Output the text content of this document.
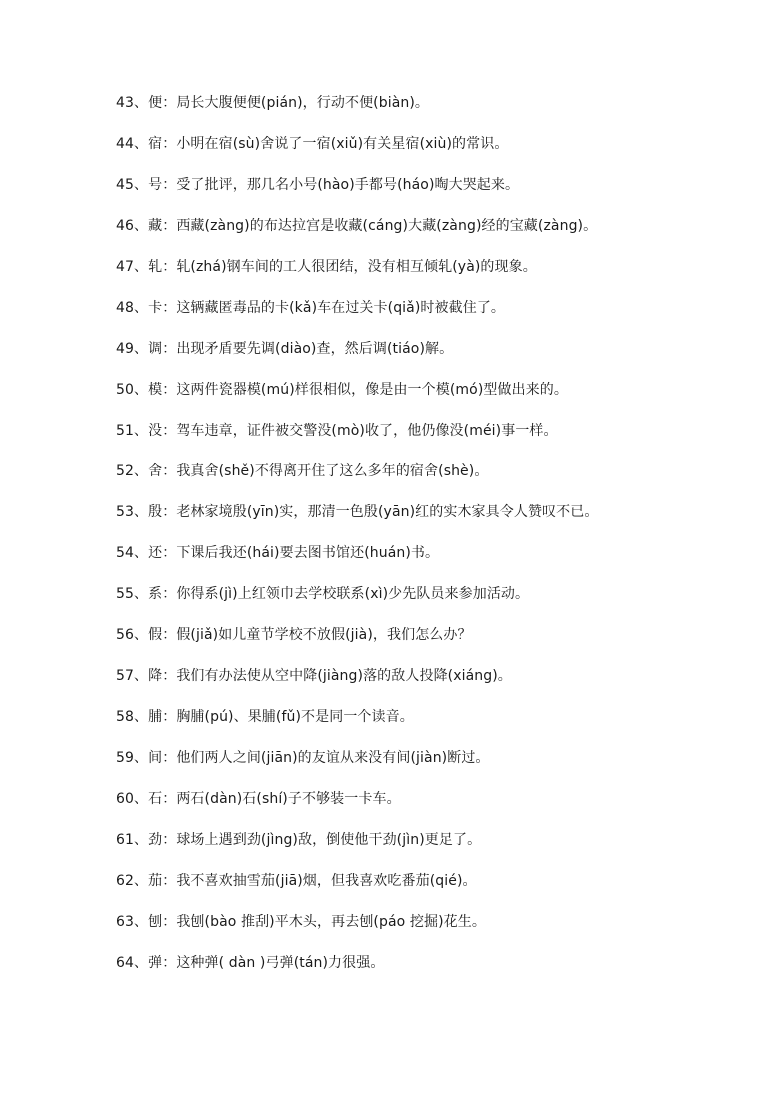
43、便：局长大腹便便(pián)，行动不便(biàn)。
44、宿：小明在宿(sù)舍说了一宿(xiǔ)有关星宿(xiù)的常识。
45、号：受了批评，那几名小号(hào)手都号(háo)啕大哭起来。
46、藏：西藏(zàng)的布达拉宫是收藏(cáng)大藏(zàng)经的宝藏(zàng)。
47、轧：轧(zhá)钢车间的工人很团结，没有相互倾轧(yà)的现象。
48、卡：这辆藏匿毒品的卡(kǎ)车在过关卡(qiǎ)时被截住了。
49、调：出现矛盾要先调(diào)查，然后调(tiáo)解。
50、模：这两件瓷器模(mú)样很相似，像是由一个模(mó)型做出来的。
51、没：驾车违章，证件被交警没(mò)收了，他仍像没(méi)事一样。
52、舍：我真舍(shě)不得离开住了这么多年的宿舍(shè)。
53、殷：老林家境殷(yīn)实，那清一色殷(yān)红的实木家具令人赞叹不已。
54、还：下课后我还(hái)要去图书馆还(huán)书。
55、系：你得系(jì)上红领巾去学校联系(xì)少先队员来参加活动。
56、假：假(jiǎ)如儿童节学校不放假(jià)，我们怎么办？
57、降：我们有办法使从空中降(jiàng)落的敌人投降(xiáng)。
58、脯：胸脯(pú)、果脯(fǔ)不是同一个读音。
59、间：他们两人之间(jiān)的友谊从来没有间(jiàn)断过。
60、石：两石(dàn)石(shí)子不够装一卡车。
61、劲：球场上遇到劲(jìng)敌，倒使他干劲(jìn)更足了。
62、茄：我不喜欢抽雪茄(jiā)烟，但我喜欢吃番茄(qié)。
63、刨：我刨(bào 推刮)平木头，再去刨(páo 挖掘)花生。
64、弹：这种弹( dàn )弓弹(tán)力很强。
